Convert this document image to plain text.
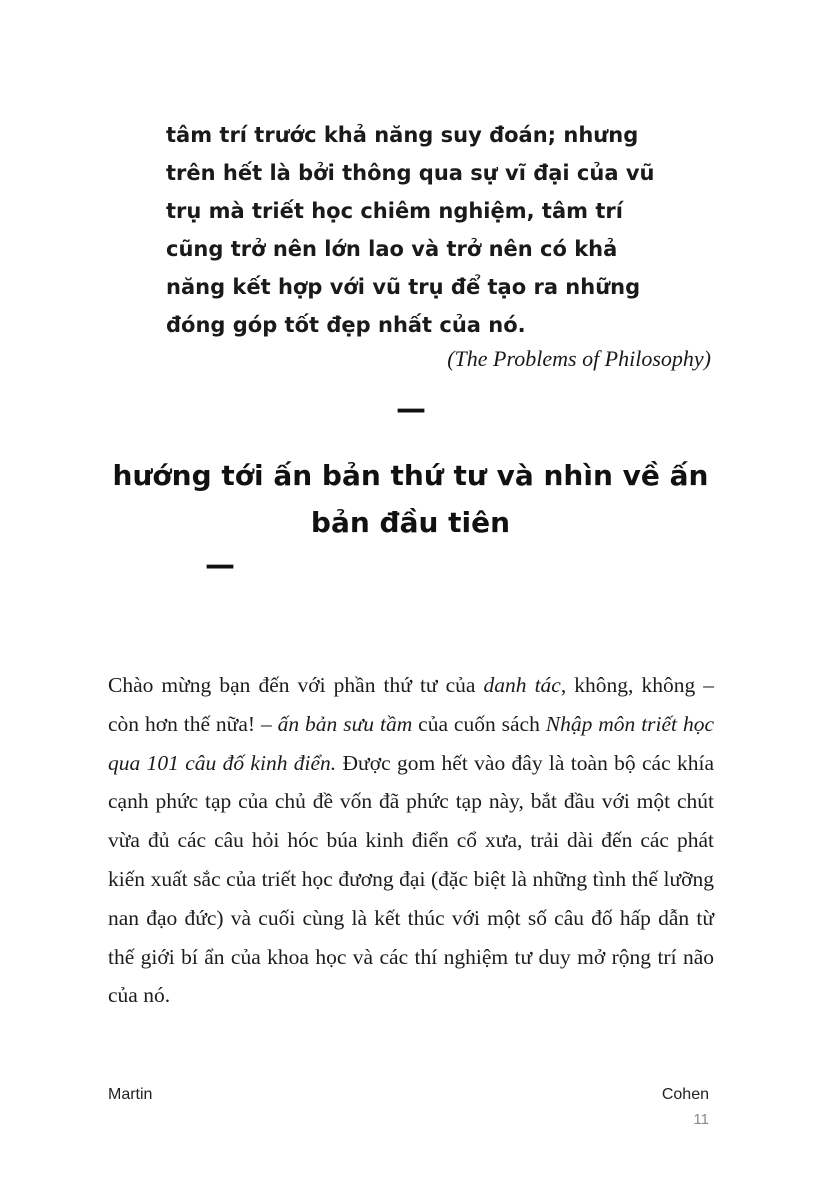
tâm trí trước khả năng suy đoán; nhưng trên hết là bởi thông qua sự vĩ đại của vũ trụ mà triết học chiêm nghiệm, tâm trí cũng trở nên lớn lao và trở nên có khả năng kết hợp với vũ trụ để tạo ra những đóng góp tốt đẹp nhất của nó.
(The Problems of Philosophy)
—
hướng tới ấn bản thứ tư và nhìn về ấn bản đầu tiên
—
Chào mừng bạn đến với phần thứ tư của danh tác, không, không – còn hơn thế nữa! – ấn bản sưu tầm của cuốn sách Nhập môn triết học qua 101 câu đố kinh điển. Được gom hết vào đây là toàn bộ các khía cạnh phức tạp của chủ đề vốn đã phức tạp này, bắt đầu với một chút vừa đủ các câu hỏi hóc búa kinh điển cổ xưa, trải dài đến các phát kiến xuất sắc của triết học đương đại (đặc biệt là những tình thế lưỡng nan đạo đức) và cuối cùng là kết thúc với một số câu đố hấp dẫn từ thế giới bí ẩn của khoa học và các thí nghiệm tư duy mở rộng trí não của nó.
Martin	Cohen
11
